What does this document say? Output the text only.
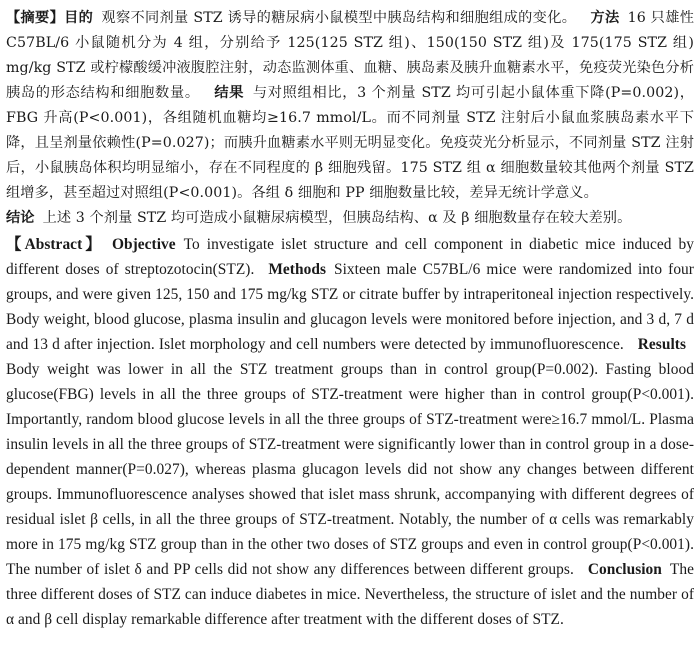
【摘要】目的 观察不同剂量 STZ 诱导的糖尿病小鼠模型中胰岛结构和细胞组成的变化。 方法 16 只雄性 C57BL/6 小鼠随机分为 4 组，分别给予 125(125 STZ 组)、150(150 STZ 组)及 175(175 STZ 组) mg/kg STZ 或柠檬酸缓冲液腹腔注射，动态监测体重、血糖、胰岛素及胰升血糖素水平，免疫荧光染色分析胰岛的形态结构和细胞数量。 结果 与对照组相比，3 个剂量 STZ 均可引起小鼠体重下降(P=0.002)，FBG 升高(P<0.001)，各组随机血糖均≥16.7 mmol/L。而不同剂量 STZ 注射后小鼠血浆胰岛素水平下降，且呈剂量依赖性(P=0.027)；而胰升血糖素水平则无明显变化。免疫荧光分析显示，不同剂量 STZ 注射后，小鼠胰岛体积均明显缩小，存在不同程度的 β 细胞残留。175 STZ 组 α 细胞数量较其他两个剂量 STZ 组增多，甚至超过对照组(P<0.001)。各组 δ 细胞和 PP 细胞数量比较，差异无统计学意义。
结论 上述 3 个剂量 STZ 均可造成小鼠糖尿病模型，但胰岛结构、α 及 β 细胞数量存在较大差别。

【Abstract】 Objective To investigate islet structure and cell component in diabetic mice induced by different doses of streptozotocin(STZ). Methods Sixteen male C57BL/6 mice were randomized into four groups, and were given 125, 150 and 175 mg/kg STZ or citrate buffer by intraperitoneal injection respectively. Body weight, blood glucose, plasma insulin and glucagon levels were monitored before injection, and 3 d, 7 d and 13 d after injection. Islet morphology and cell numbers were detected by immunofluorescence. ResultsBody weight was lower in all the STZ treatment groups than in control group(P=0.002). Fasting blood glucose(FBG) levels in all the three groups of STZ-treatment were higher than in control group(P<0.001). Importantly, random blood glucose levels in all the three groups of STZ-treatment were≥16.7 mmol/L. Plasma insulin levels in all the three groups of STZ-treatment were significantly lower than in control group in a dose-dependent manner(P=0.027), whereas plasma glucagon levels did not show any changes between different groups. Immunofluorescence analyses showed that islet mass shrunk, accompanying with different degrees of residual islet β cells, in all the three groups of STZ-treatment. Notably, the number of α cells was remarkably more in 175 mg/kg STZ group than in the other two doses of STZ groups and even in control group(P<0.001). The number of islet δ and PP cells did not show any differences between different groups. Conclusion The three different doses of STZ can induce diabetes in mice. Nevertheless, the structure of islet and the number of α and β cell display remarkable difference after treatment with the different doses of STZ.
